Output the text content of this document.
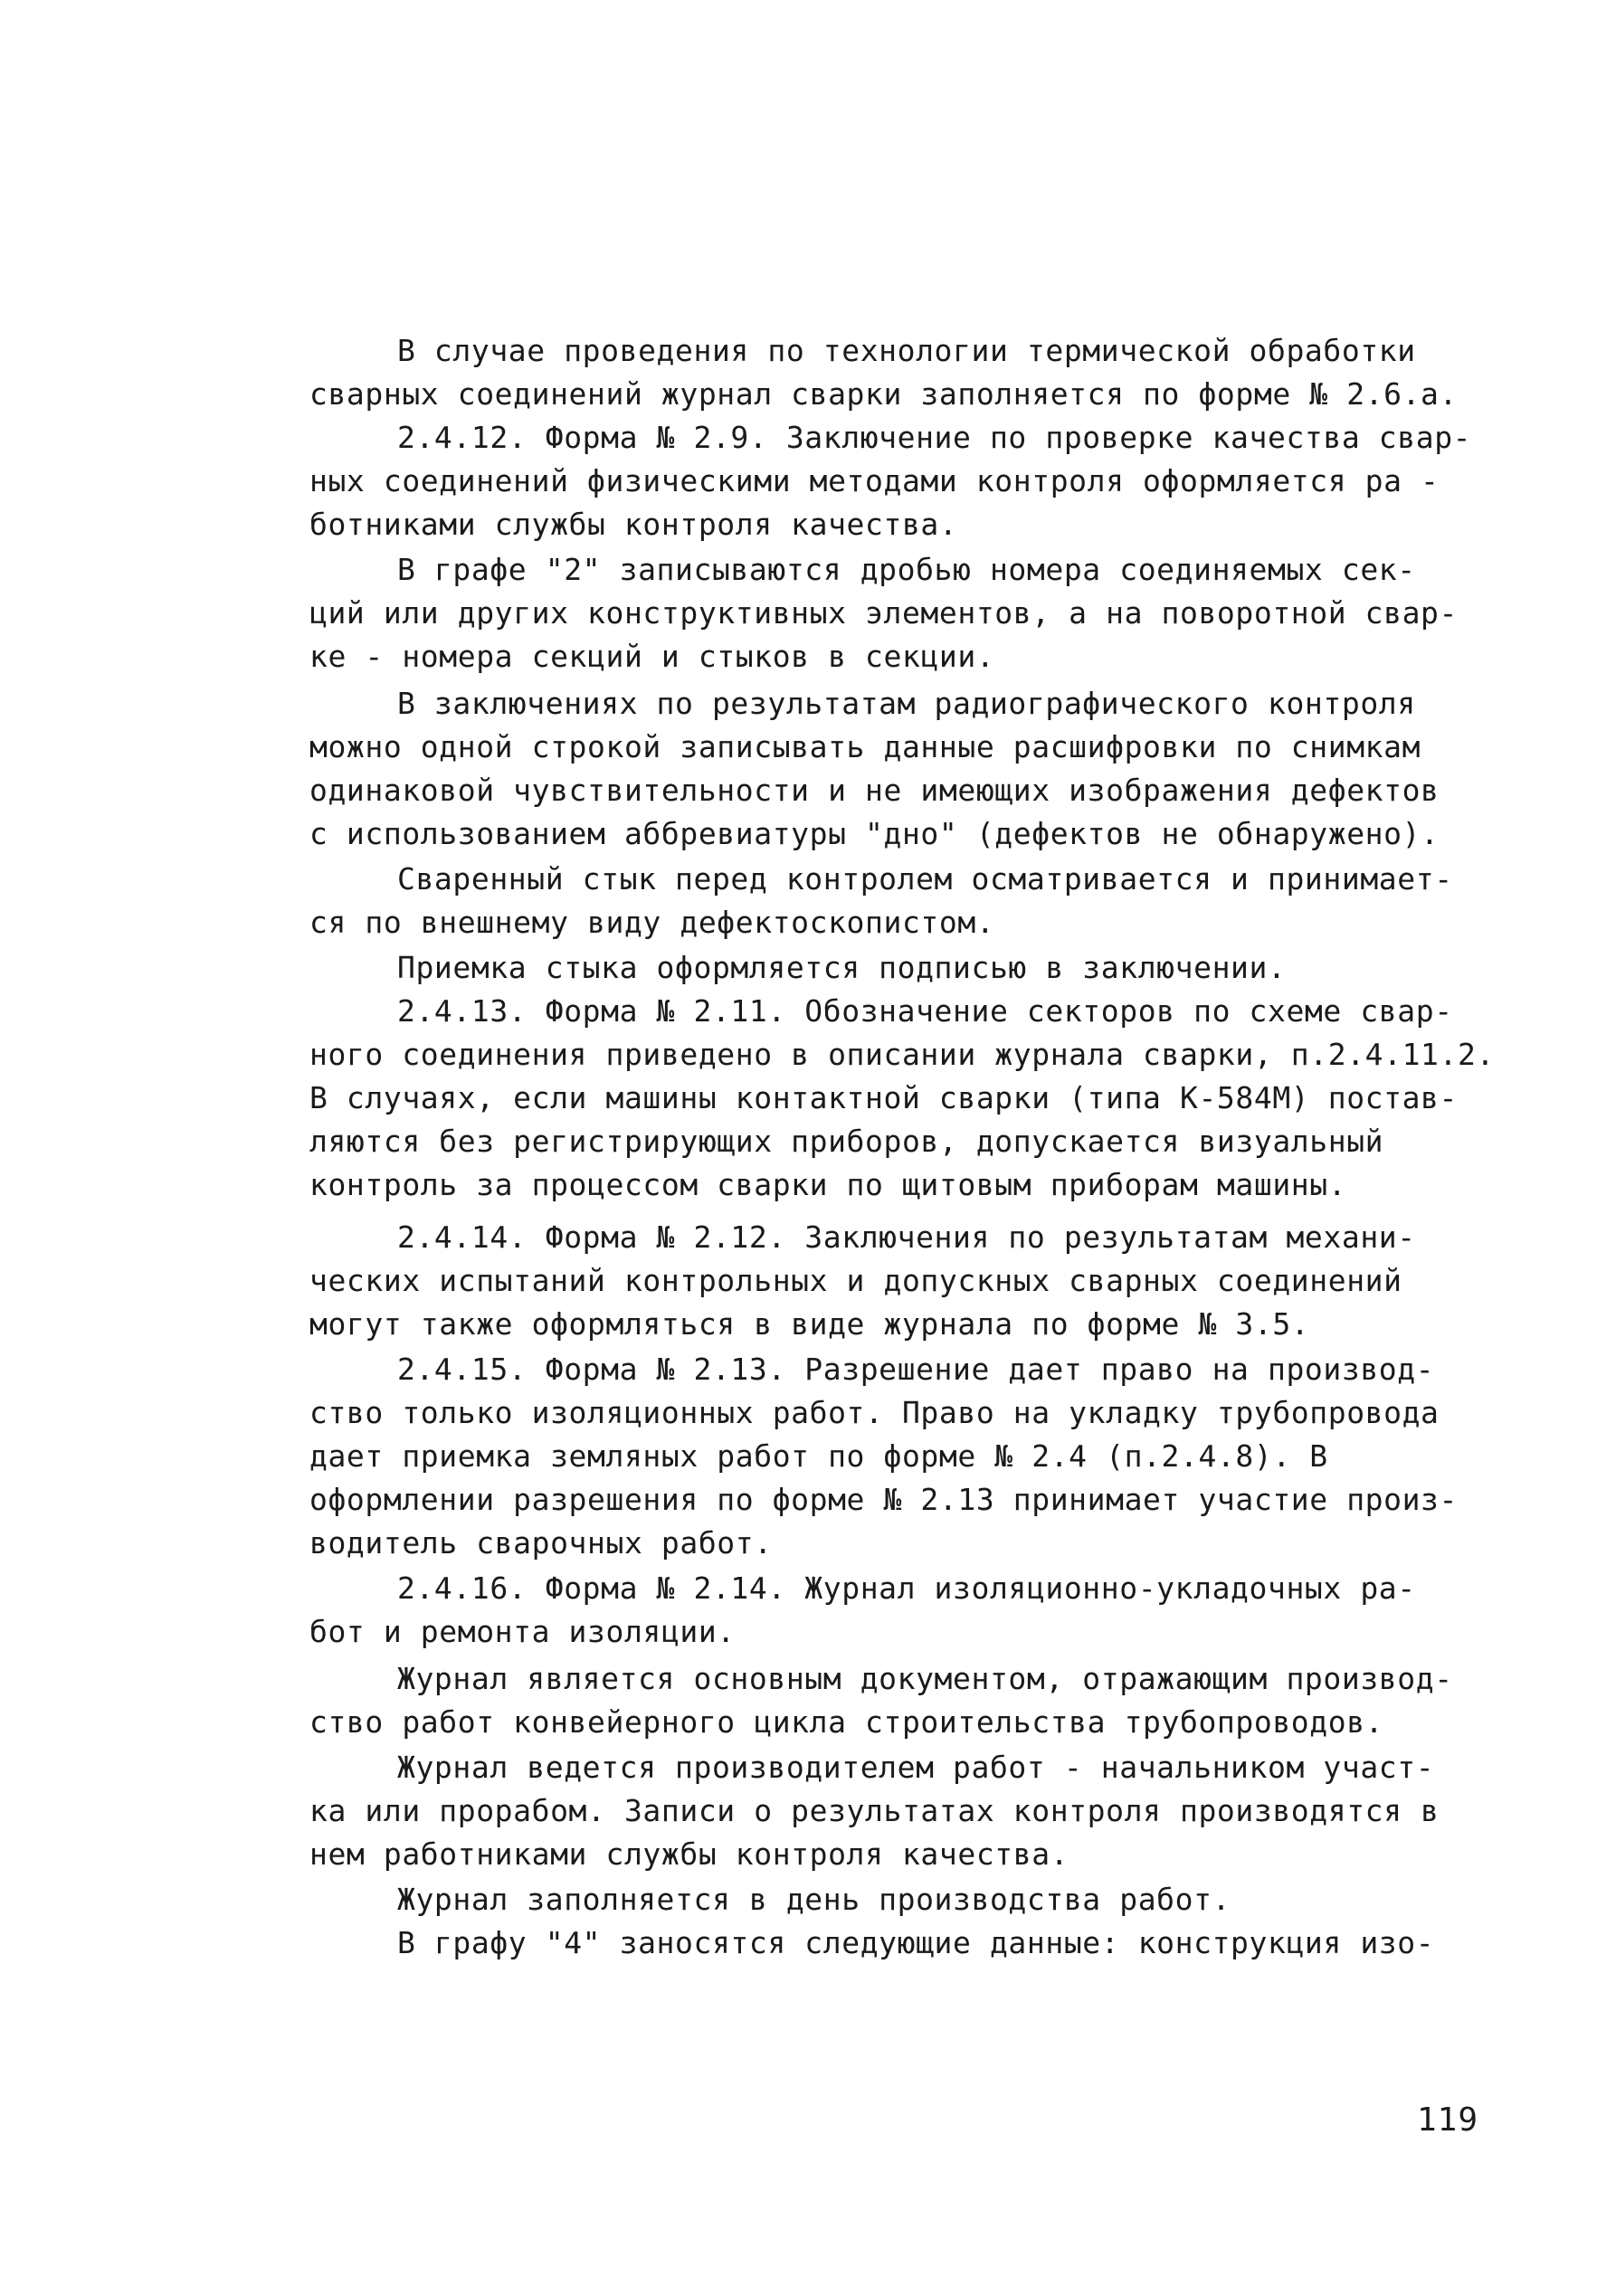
В случае проведения по технологии термической обработки
сварных соединений журнал сварки заполняется по форме № 2.6.а.
2.4.12. Форма № 2.9. Заключение по проверке качества свар-
ных соединений физическими методами контроля оформляется ра -
ботниками службы контроля качества.
В графе "2" записываются дробью номера соединяемых сек-
ций или других конструктивных элементов, а на поворотной свар-
ке - номера секций и стыков в секции.
В заключениях по результатам радиографического контроля
можно одной строкой записывать данные расшифровки по снимкам
одинаковой чувствительности и не имеющих изображения дефектов
с использованием аббревиатуры "дно" (дефектов не обнаружено).
Сваренный стык перед контролем осматривается и принимает-
ся по внешнему виду дефектоскопистом.
Приемка стыка оформляется подписью в заключении.
2.4.13. Форма № 2.11. Обозначение секторов по схеме свар-
ного соединения приведено в описании журнала сварки, п.2.4.11.2.
В случаях, если машины контактной сварки (типа К-584М) постав-
ляются без регистрирующих приборов, допускается визуальный
контроль за процессом сварки по щитовым приборам машины.
2.4.14. Форма № 2.12. Заключения по результатам механи-
ческих испытаний контрольных и допускных сварных соединений
могут также оформляться в виде журнала по форме № 3.5.
2.4.15. Форма № 2.13. Разрешение дает право на производ-
ство только изоляционных работ. Право на укладку трубопровода
дает приемка земляных работ по форме № 2.4 (п.2.4.8). В
оформлении разрешения по форме № 2.13 принимает участие произ-
водитель сварочных работ.
2.4.16. Форма № 2.14. Журнал изоляционно-укладочных ра-
бот и ремонта изоляции.
Журнал является основным документом, отражающим производ-
ство работ конвейерного цикла строительства трубопроводов.
Журнал ведется производителем работ - начальником участ-
ка или прорабом. Записи о результатах контроля производятся в
нем работниками службы контроля качества.
Журнал заполняется в день производства работ.
В графу "4" заносятся следующие данные: конструкция изо-
119
